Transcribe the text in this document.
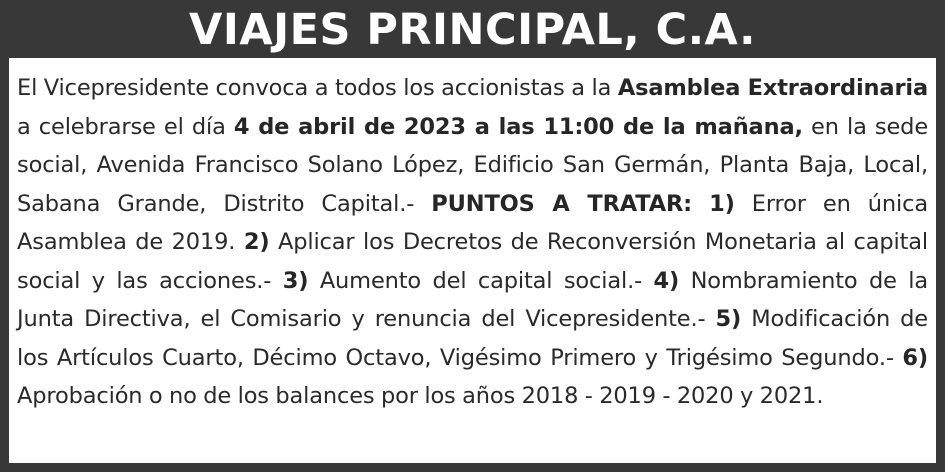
VIAJES PRINCIPAL, C.A.

El Vicepresidente convoca a todos los accionistas a la Asamblea Extraordinaria a celebrarse el día 4 de abril de 2023 a las 11:00 de la mañana, en la sede social, Avenida Francisco Solano López, Edificio San Germán, Planta Baja, Local, Sabana Grande, Distrito Capital.- PUNTOS A TRATAR: 1) Error en única Asamblea de 2019. 2) Aplicar los Decretos de Reconversión Monetaria al capital social y las acciones.- 3) Aumento del capital social.- 4) Nombramiento de la Junta Directiva, el Comisario y renuncia del Vicepresidente.- 5) Modificación de los Artículos Cuarto, Décimo Octavo, Vigésimo Primero y Trigésimo Segundo.- 6) Aprobación o no de los balances por los años 2018 - 2019 - 2020 y 2021.
